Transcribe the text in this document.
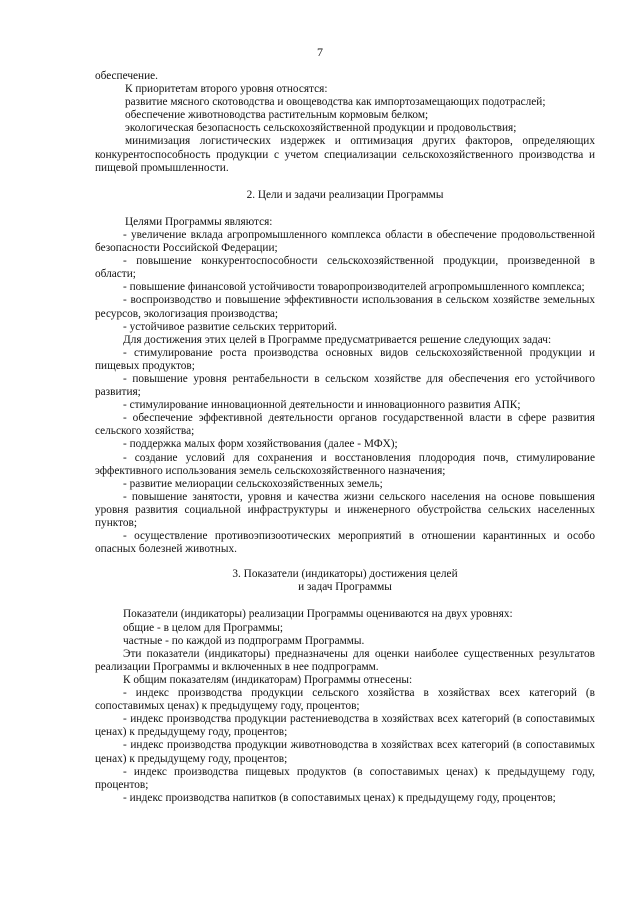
7

обеспечение.

К приоритетам второго уровня относятся:

развитие мясного скотоводства и овощеводства как импортозамещающих подотраслей;

обеспечение животноводства растительным кормовым белком;

экологическая безопасность сельскохозяйственной продукции и продовольствия;

минимизация логистических издержек и оптимизация других факторов, определяющих конкурентоспособность продукции с учетом специализации сельскохозяйственного производства и пищевой промышленности.

2. Цели и задачи реализации Программы

Целями Программы являются:

- увеличение вклада агропромышленного комплекса области в обеспечение продовольственной безопасности Российской Федерации;

- повышение конкурентоспособности сельскохозяйственной продукции, произведенной в области;

- повышение финансовой устойчивости товаропроизводителей агропромышленного комплекса;

- воспроизводство и повышение эффективности использования в сельском хозяйстве земельных ресурсов, экологизация производства;

- устойчивое развитие сельских территорий.

Для достижения этих целей в Программе предусматривается решение следующих задач:

- стимулирование роста производства основных видов сельскохозяйственной продукции и пищевых продуктов;

- повышение уровня рентабельности в сельском хозяйстве для обеспечения его устойчивого развития;

- стимулирование инновационной деятельности и инновационного развития АПК;

- обеспечение эффективной деятельности органов государственной власти в сфере развития сельского хозяйства;

- поддержка малых форм хозяйствования (далее - МФХ);

- создание условий для сохранения и восстановления плодородия почв, стимулирование эффективного использования земель сельскохозяйственного назначения;

- развитие мелиорации сельскохозяйственных земель;

- повышение занятости, уровня и качества жизни сельского населения на основе повышения уровня развития социальной инфраструктуры и инженерного обустройства сельских населенных пунктов;

- осуществление противоэпизоотических мероприятий в отношении карантинных и особо опасных болезней животных.

3. Показатели (индикаторы) достижения целей
и задач Программы

Показатели (индикаторы) реализации Программы оцениваются на двух уровнях:

общие - в целом для Программы;

частные - по каждой из подпрограмм Программы.

Эти показатели (индикаторы) предназначены для оценки наиболее существенных результатов реализации Программы и включенных в нее подпрограмм.

К общим показателям (индикаторам) Программы отнесены:

- индекс производства продукции сельского хозяйства в хозяйствах всех категорий (в сопоставимых ценах) к предыдущему году, процентов;

- индекс производства продукции растениеводства в хозяйствах всех категорий (в сопоставимых ценах) к предыдущему году, процентов;

- индекс производства продукции животноводства в хозяйствах всех категорий (в сопоставимых ценах) к предыдущему году, процентов;

- индекс производства пищевых продуктов (в сопоставимых ценах) к предыдущему году, процентов;

- индекс производства напитков (в сопоставимых ценах) к предыдущему году, процентов;
